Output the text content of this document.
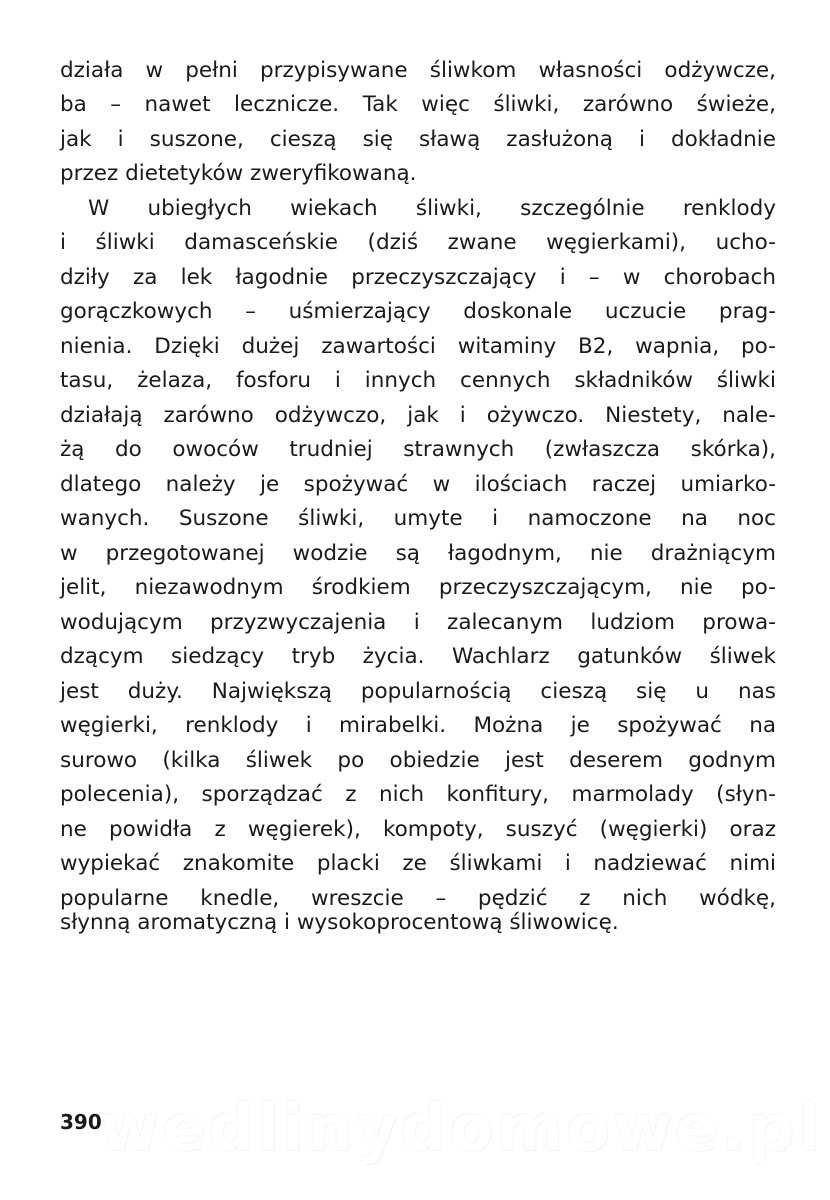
działa w pełni przypisywane śliwkom własności odżywcze,
ba – nawet lecznicze. Tak więc śliwki, zarówno świeże,
jak i suszone, cieszą się sławą zasłużoną i dokładnie
przez dietetyków zweryfikowaną.
W ubiegłych wiekach śliwki, szczególnie renklody
i śliwki damasceńskie (dziś zwane węgierkami), ucho-
dziły za lek łagodnie przeczyszczający i – w chorobach
gorączkowych – uśmierzający doskonale uczucie prag-
nienia. Dzięki dużej zawartości witaminy B2, wapnia, po-
tasu, żelaza, fosforu i innych cennych składników śliwki
działają zarówno odżywczo, jak i ożywczo. Niestety, nale-
żą do owoców trudniej strawnych (zwłaszcza skórka),
dlatego należy je spożywać w ilościach raczej umiarko-
wanych. Suszone śliwki, umyte i namoczone na noc
w przegotowanej wodzie są łagodnym, nie drażniącym
jelit, niezawodnym środkiem przeczyszczającym, nie po-
wodującym przyzwyczajenia i zalecanym ludziom prowa-
dzącym siedzący tryb życia. Wachlarz gatunków śliwek
jest duży. Największą popularnością cieszą się u nas
węgierki, renklody i mirabelki. Można je spożywać na
surowo (kilka śliwek po obiedzie jest deserem godnym
polecenia), sporządzać z nich konfitury, marmolady (słyn-
ne powidła z węgierek), kompoty, suszyć (węgierki) oraz
wypiekać znakomite placki ze śliwkami i nadziewać nimi
popularne knedle, wreszcie – pędzić z nich wódkę,
słynną aromatyczną i wysokoprocentową śliwowicę.
wedlinydomowe.pl
390
